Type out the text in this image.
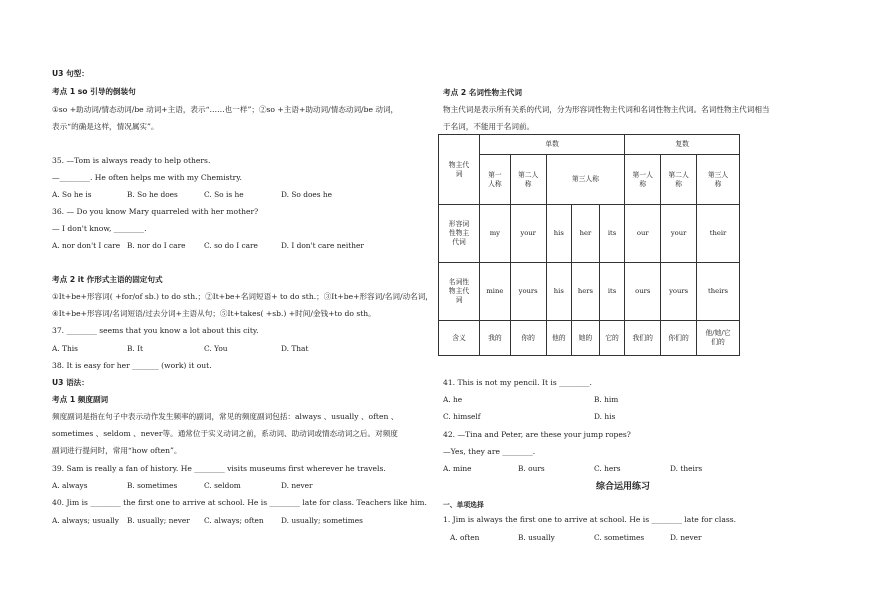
U3 句型：
考点 1 so 引导的倒装句
①so +助动词/情态动词/be 动词+主语，表示“……也一样”；②so +主语+助动词/情态动词/be 动词，
表示“的确是这样，情况属实”。
35. —Tom is always ready to help others.
—________. He often helps me with my Chemistry.
A. So he is	B. So he does	C. So is he	D. So does he
36. — Do you know Mary quarreled with her mother?
— I don't know, ________.
A. nor don't I care B. nor do I care	C. so do I care	D. I don't care neither
考点 2 it 作形式主语的固定句式
①It+be+形容词( +for/of sb.) to do sth.；②It+be+名词短语+ to do sth.；③It+be+形容词/名词/动名词，
④It+be+形容词/名词短语/过去分词+主语从句；⑤It+takes( +sb.) +时间/金钱+to do sth。
37. ________ seems that you know a lot about this city.
A. This	B. It	C. You	D. That
38. It is easy for her _______ (work) it out.
U3 语法：
考点 1 频度副词
频度副词是指在句子中表示动作发生频率的副词，常见的频度副词包括：always 、usually 、often 、
sometimes 、seldom 、never等。通常位于实义动词之前，系动词、助动词或情态动词之后。对频度
副词进行提问时，常用“how often”。
39. Sam is really a fan of history. He ________ visits museums first wherever he travels.
A. always	B. sometimes	C. seldom	D. never
40. Jim is ________ the first one to arrive at school. He is ________ late for class. Teachers like him.
A. always; usually B. usually; never C. always; often D. usually; sometimes
考点 2 名词性物主代词
物主代词是表示所有关系的代词，分为形容词性物主代词和名词性物主代词。名词性物主代词相当
于名词，不能用于名词前。
物主代
词	单数					复数		
	第一
人称	第二人
称	第三人称			第一人
称	第二人
称	第三人
称
形容词
性物主
代词	my	your	his	her	its	our	your	their
名词性
物主代
词	mine	yours	his	hers	its	ours	yours	theirs
含义	我的	你的	他的	她的	它的	我们的	你们的	他/她/它
们的
41. This is not my pencil. It is ________.
A. he	B. him
C. himself	D. his
42. —Tina and Peter, are these your jump ropes?
—Yes, they are ________.
A. mine	B. ours	C. hers	D. theirs
综合运用练习
一、单项选择
1. Jim is always the first one to arrive at school. He is ________ late for class.
A. often	B. usually	C. sometimes	D. never
